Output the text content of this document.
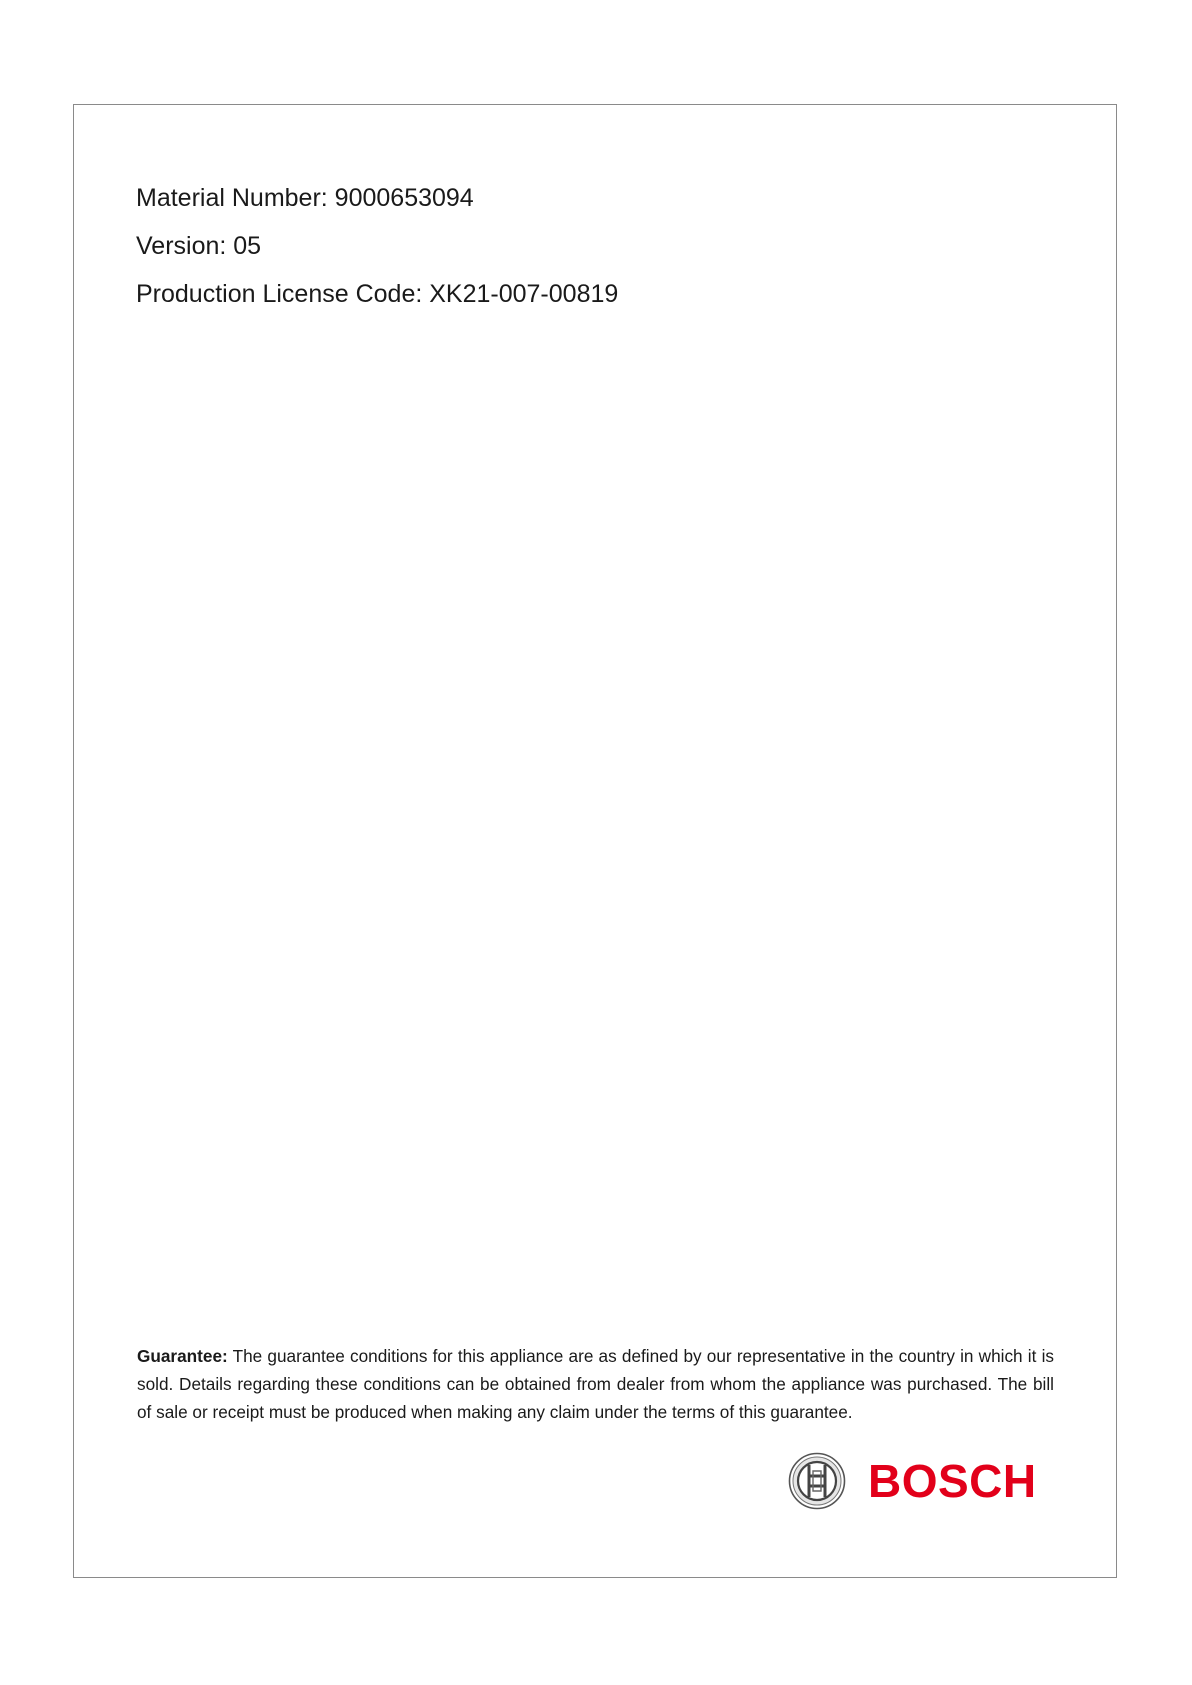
Material Number: 9000653094
Version: 05
Production License Code: XK21-007-00819

Guarantee: The guarantee conditions for this appliance are as defined by our representative in the country in which it is sold. Details regarding these conditions can be obtained from dealer from whom the appliance was purchased. The bill of sale or receipt must be produced when making any claim under the terms of this guarantee.

BOSCH
